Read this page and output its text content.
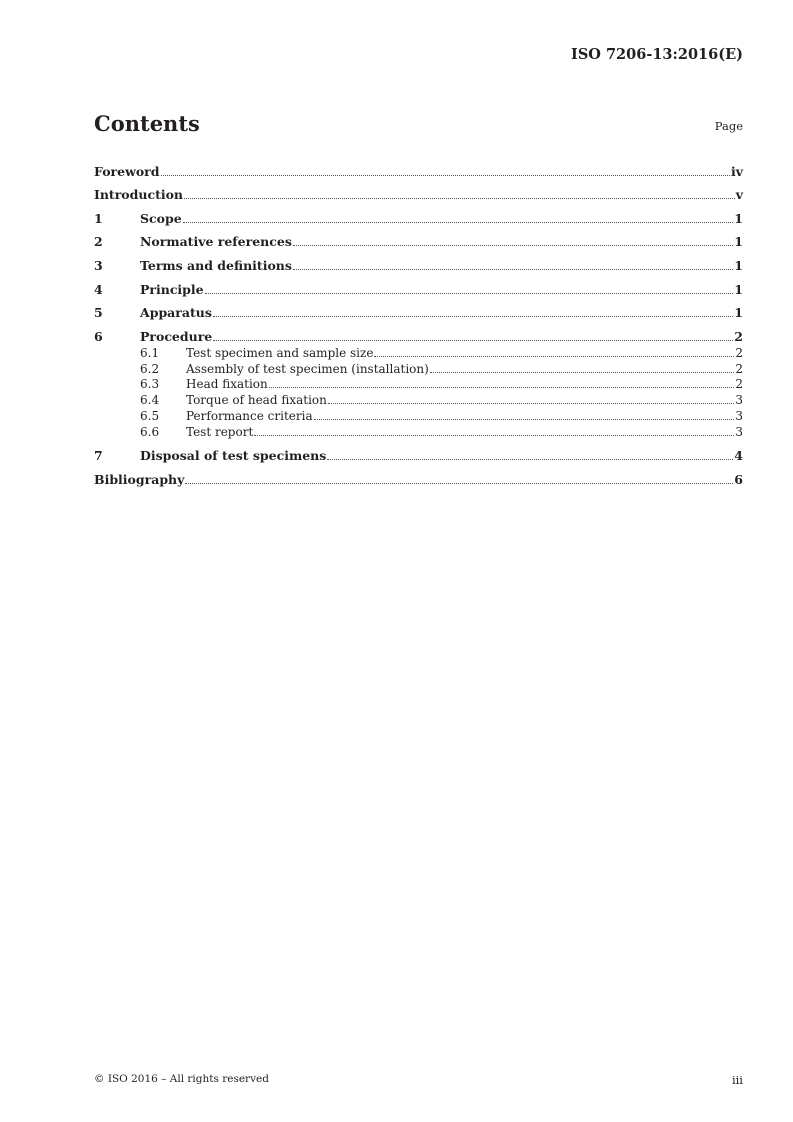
ISO 7206-13:2016(E)
Contents	Page
Foreword	iv
Introduction	v
1	Scope	1
2	Normative references	1
3	Terms and definitions	1
4	Principle	1
5	Apparatus	1
6	Procedure	2
6.1	Test specimen and sample size	2
6.2	Assembly of test specimen (installation)	2
6.3	Head fixation	2
6.4	Torque of head fixation	3
6.5	Performance criteria	3
6.6	Test report	3
7	Disposal of test specimens	4
Bibliography	6
© ISO 2016 – All rights reserved	iii
